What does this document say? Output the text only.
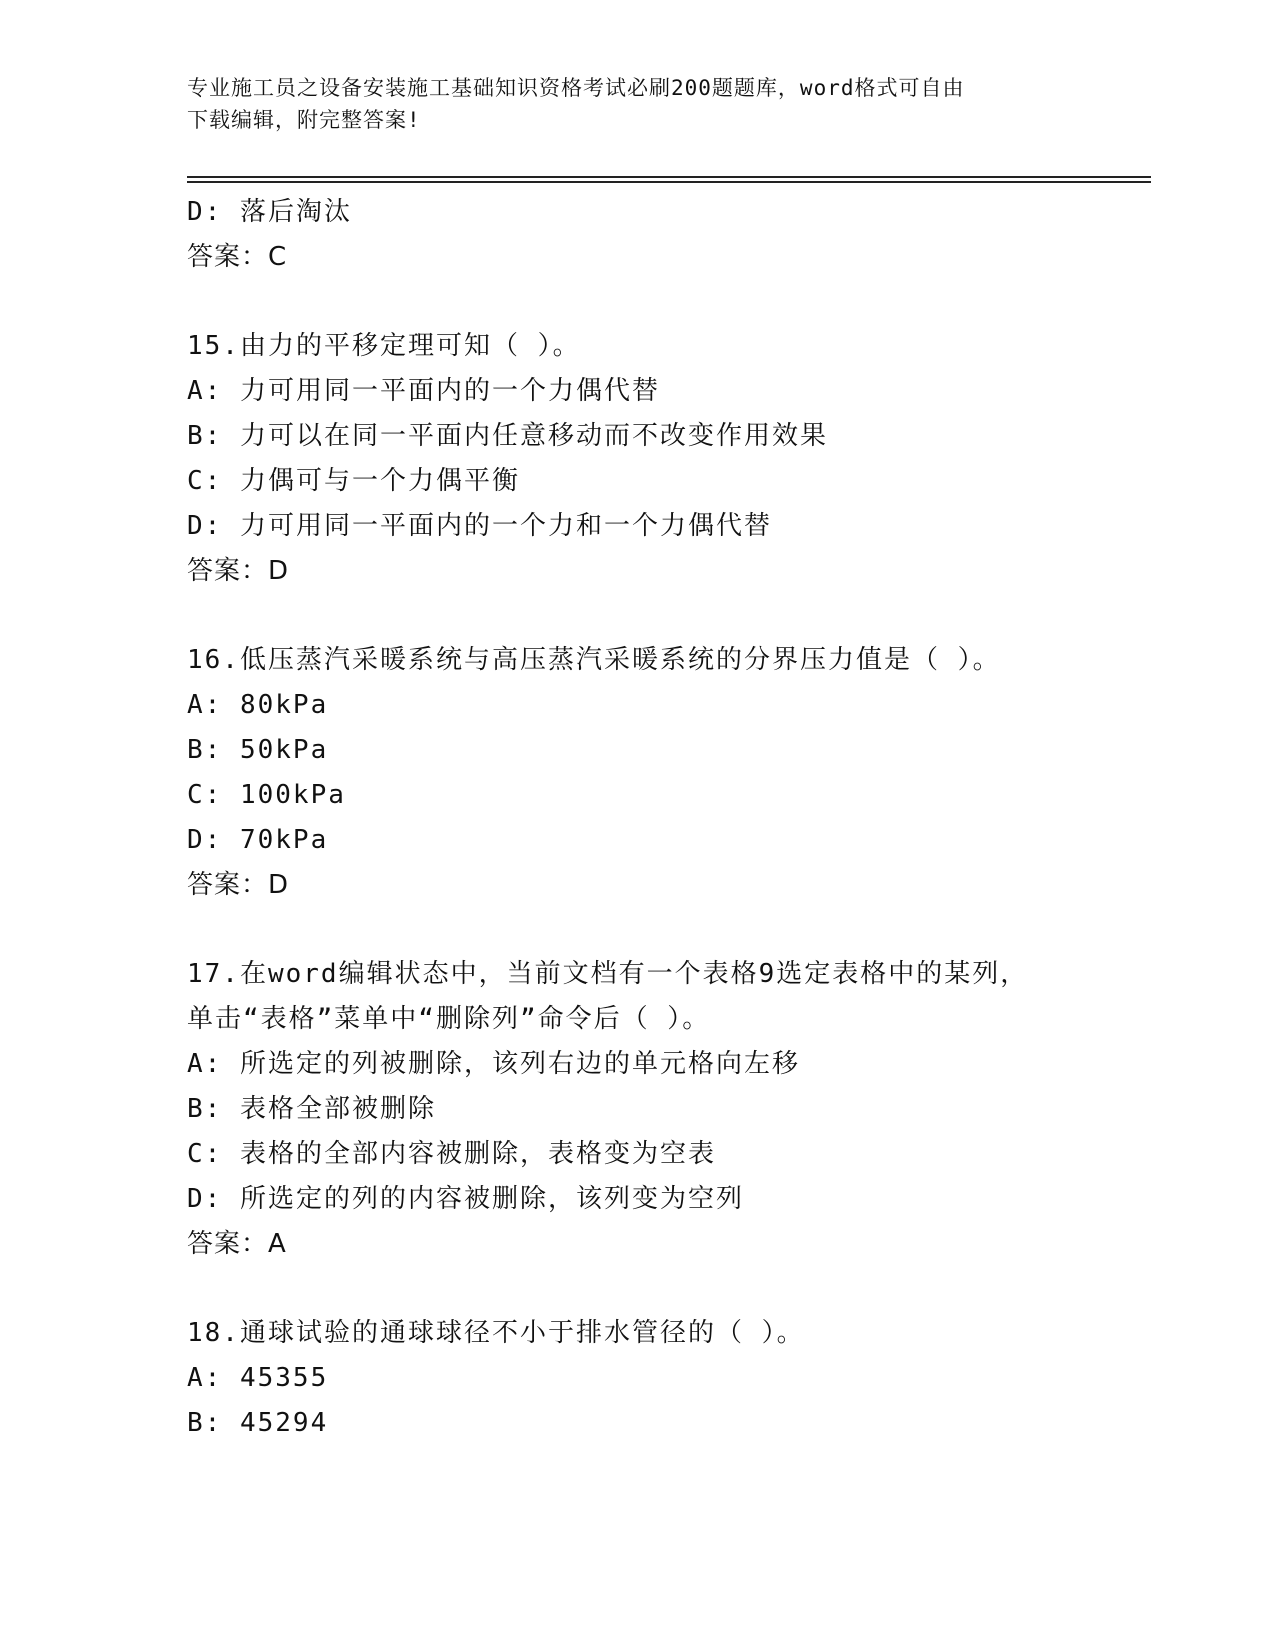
专业施工员之设备安装施工基础知识资格考试必刷200题题库，word格式可自由
下载编辑，附完整答案!
D: 落后淘汰
答案：C
15.由力的平移定理可知（ ）。
A: 力可用同一平面内的一个力偶代替
B: 力可以在同一平面内任意移动而不改变作用效果
C: 力偶可与一个力偶平衡
D: 力可用同一平面内的一个力和一个力偶代替
答案：D
16.低压蒸汽采暖系统与高压蒸汽采暖系统的分界压力值是（ ）。
A: 80kPa
B: 50kPa
C: 100kPa
D: 70kPa
答案：D
17.在word编辑状态中，当前文档有一个表格9选定表格中的某列，
单击“表格”菜单中“删除列”命令后（ ）。
A: 所选定的列被删除，该列右边的单元格向左移
B: 表格全部被删除
C: 表格的全部内容被删除，表格变为空表
D: 所选定的列的内容被删除，该列变为空列
答案：A
18.通球试验的通球球径不小于排水管径的（ ）。
A: 45355
B: 45294
